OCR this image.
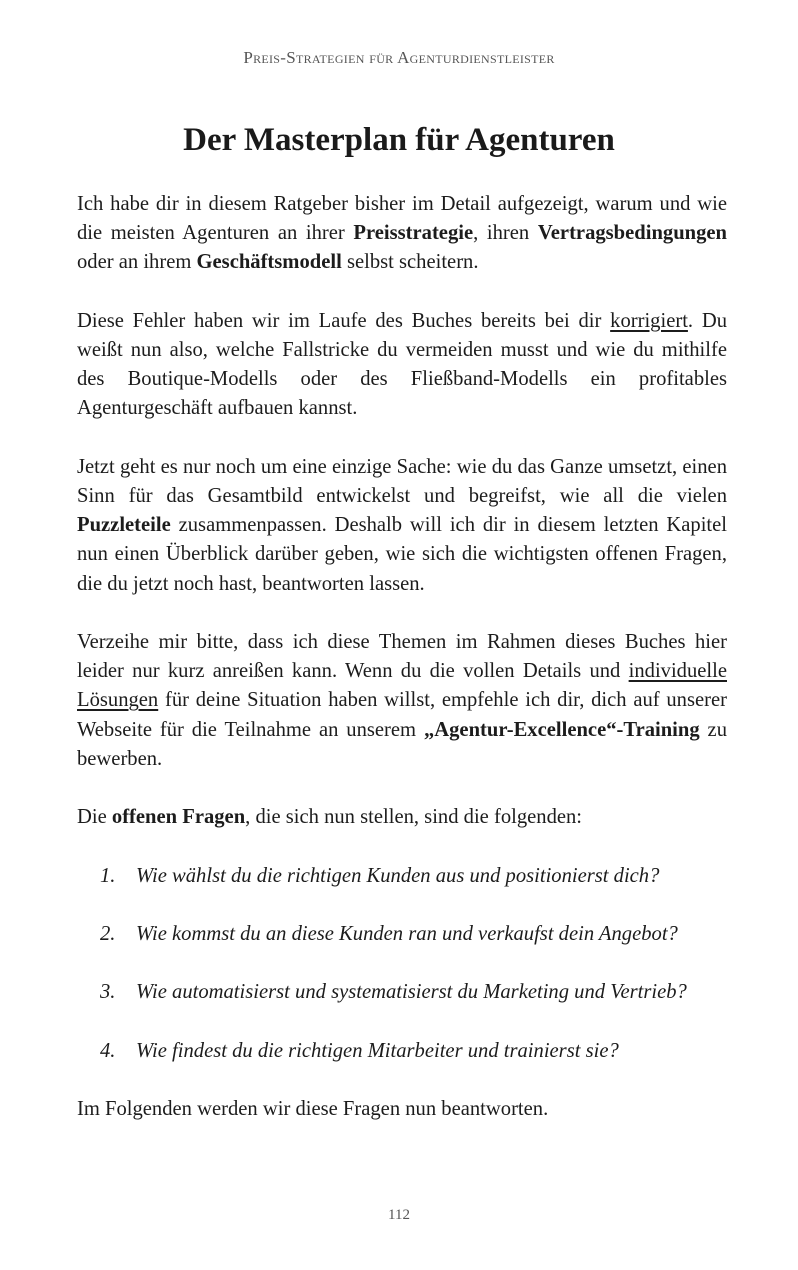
Preis-Strategien für Agenturdienstleister
Der Masterplan für Agenturen

Ich habe dir in diesem Ratgeber bisher im Detail aufgezeigt, warum und wie die meisten Agenturen an ihrer Preisstrategie, ihren Vertragsbedingungen oder an ihrem Geschäftsmodell selbst scheitern.

Diese Fehler haben wir im Laufe des Buches bereits bei dir korrigiert. Du weißt nun also, welche Fallstricke du vermeiden musst und wie du mithilfe des Boutique-Modells oder des Fließband-Modells ein profitables Agenturgeschäft aufbauen kannst.

Jetzt geht es nur noch um eine einzige Sache: wie du das Ganze umsetzt, einen Sinn für das Gesamtbild entwickelst und begreifst, wie all die vielen Puzzleteile zusammenpassen. Deshalb will ich dir in diesem letzten Kapitel nun einen Überblick darüber geben, wie sich die wichtigsten offenen Fragen, die du jetzt noch hast, beantworten lassen.

Verzeihe mir bitte, dass ich diese Themen im Rahmen dieses Buches hier leider nur kurz anreißen kann. Wenn du die vollen Details und individuelle Lösungen für deine Situation haben willst, empfehle ich dir, dich auf unserer Webseite für die Teilnahme an unserem „Agentur-Excellence“-Training zu bewerben.

Die offenen Fragen, die sich nun stellen, sind die folgenden:

1. Wie wählst du die richtigen Kunden aus und positionierst dich?
2. Wie kommst du an diese Kunden ran und verkaufst dein Angebot?
3. Wie automatisierst und systematisierst du Marketing und Vertrieb?
4. Wie findest du die richtigen Mitarbeiter und trainierst sie?

Im Folgenden werden wir diese Fragen nun beantworten.

112
